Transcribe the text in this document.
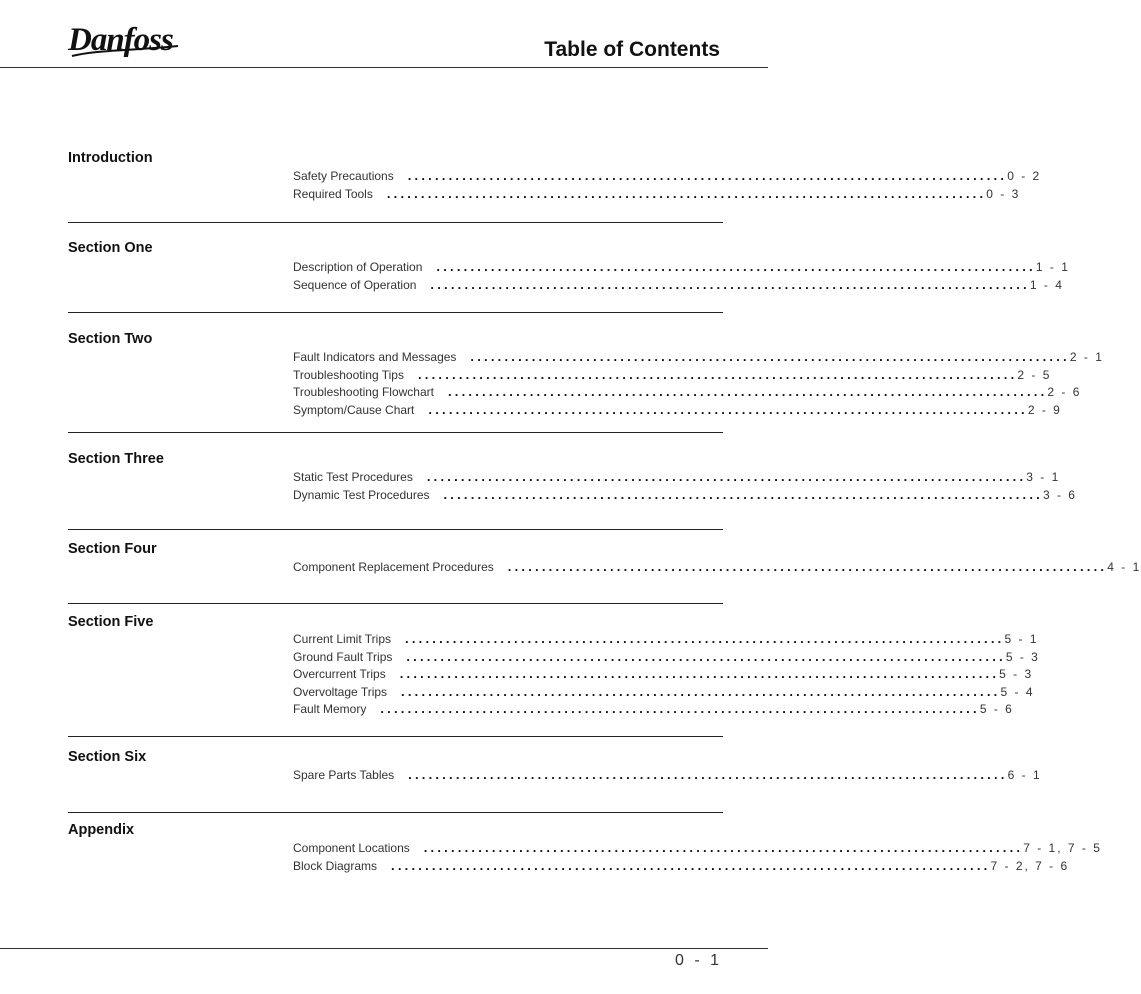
Danfoss	Table of Contents
Introduction
Safety Precautions	........................................................................................ 0 - 2
Required Tools	........................................................................................ 0 - 3
Section One
Description of Operation	........................................................................................ 1 - 1
Sequence of Operation	........................................................................................ 1 - 4
Section Two
Fault Indicators and Messages	........................................................................................ 2 - 1
Troubleshooting Tips	........................................................................................ 2 - 5
Troubleshooting Flowchart	........................................................................................ 2 - 6
Symptom/Cause Chart	........................................................................................ 2 - 9
Section Three
Static Test Procedures	........................................................................................ 3 - 1
Dynamic Test Procedures	........................................................................................ 3 - 6
Section Four
Component Replacement Procedures	........................................................................................ 4 - 1
Section Five
Current Limit Trips	........................................................................................ 5 - 1
Ground Fault Trips	........................................................................................ 5 - 3
Overcurrent Trips	........................................................................................ 5 - 3
Overvoltage Trips	........................................................................................ 5 - 4
Fault Memory	........................................................................................ 5 - 6
Section Six
Spare Parts Tables	........................................................................................ 6 - 1
Appendix
Component Locations	........................................................................................ 7 - 1, 7 - 5
Block Diagrams	........................................................................................ 7 - 2, 7 - 6
0 - 1
